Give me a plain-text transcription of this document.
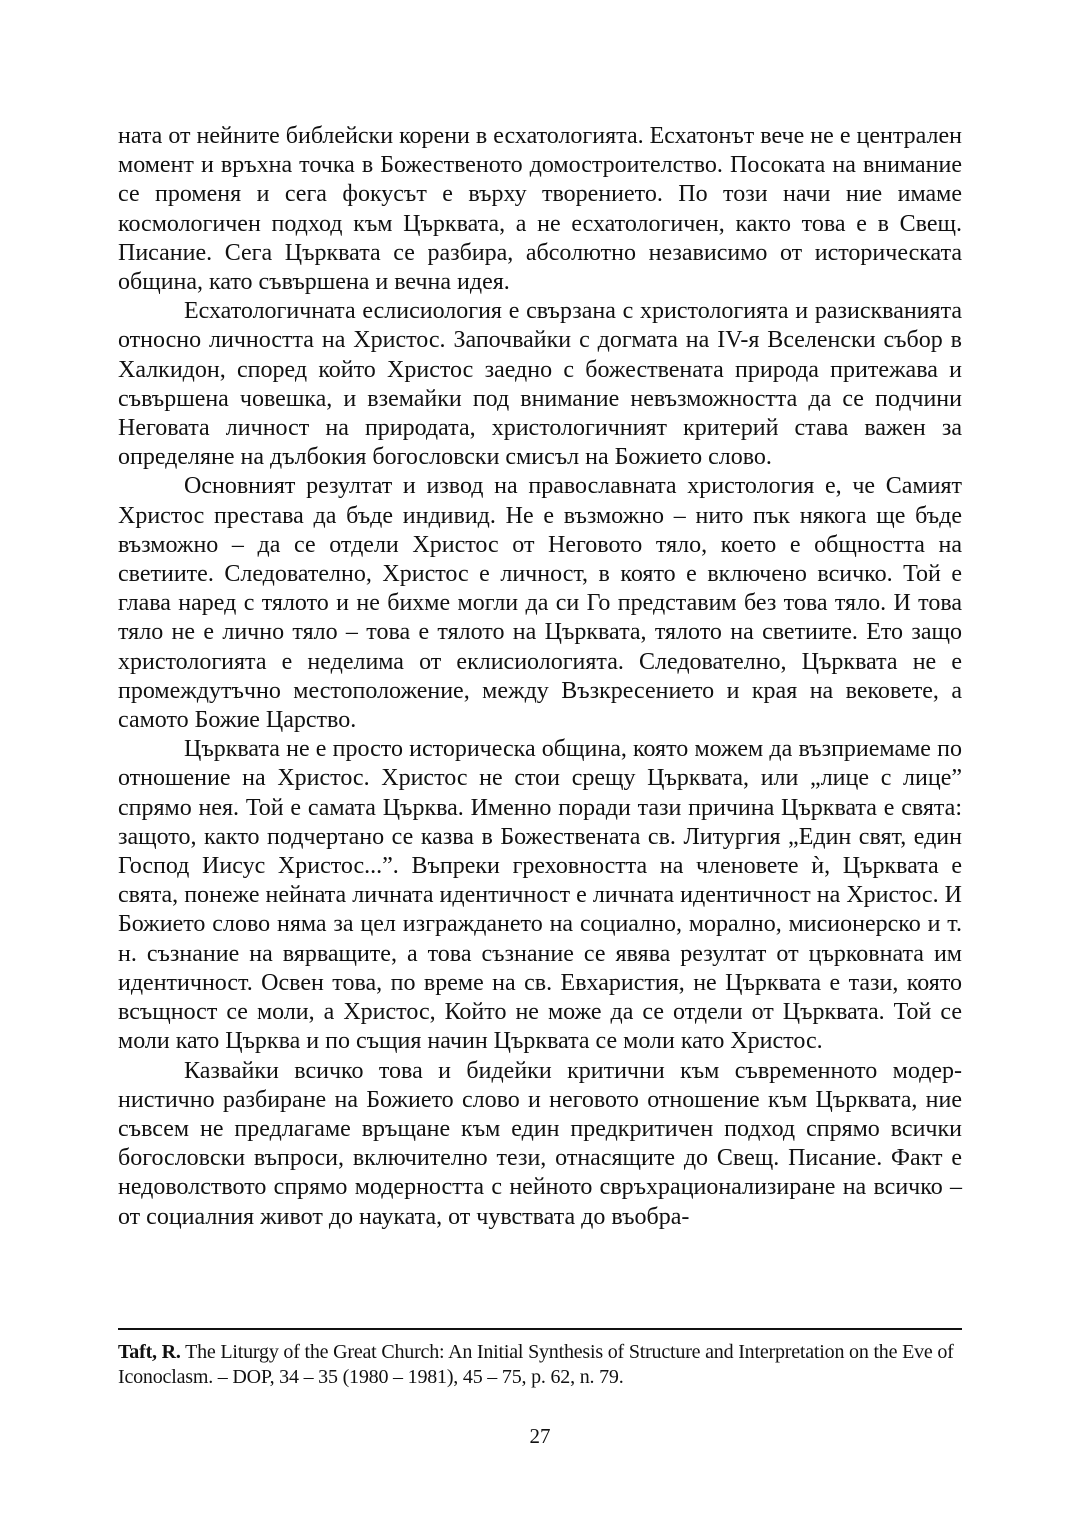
ната от нейните библейски корени в есхатологията. Есхатонът вече не е централен момент и връхна точка в Божественото домостроителство. Посоката на внимание се променя и сега фокусът е върху творението. По този начи ние имаме космологичен подход към Църквата, а не есхатологичен, както това е в Свещ. Писание. Сега Църквата се разбира, абсолютно независимо от историческата община, като съвършена и вечна идея.

Есхатологичната еслисиология е свързана с христологията и разискванията относно личността на Христос. Започвайки с догмата на IV-я Вселенски събор в Халкидон, според който Христос заедно с божествената природа притежава и съвършена човешка, и вземайки под внимание невъзможността да се подчини Неговата личност на природата, христологичният критерий става важен за определяне на дълбокия богословски смисъл на Божието слово.

Основният резултат и извод на православната христология е, че Самият Христос престава да бъде индивид. Не е възможно – нито пък някога ще бъде възможно – да се отдели Христос от Неговото тяло, което е общността на светиите. Следователно, Христос е личност, в която е включено всичко. Той е глава наред с тялото и не бихме могли да си Го представим без това тяло. И това тяло не е лично тяло – това е тялото на Църквата, тялото на светиите. Ето защо христологията е неделима от еклисиологията. Следователно, Църквата не е промеждутъчно местоположение, между Възкресението и края на вековете, а самото Божие Царство.

Църквата не е просто историческа община, която можем да възприемаме по отношение на Христос. Христос не стои срещу Църквата, или „лице с лице” спрямо нея. Той е самата Църква. Именно поради тази причина Църквата е свята: защото, както подчертано се казва в Божествената св. Литургия „Един свят, един Господ Иисус Христос...”. Въпреки греховността на членовете ѝ, Църквата е свята, понеже нейната личната идентичност е личната идентичност на Христос. И Божието слово няма за цел изграждането на социално, морално, мисионерско и т. н. съзнание на вярващите, а това съзнание се явява резултат от църковната им идентичност. Освен това, по време на св. Евхаристия, не Църквата е тази, която всъщност се моли, а Христос, Който не може да се отдели от Църквата. Той се моли като Църква и по същия начин Църквата се моли като Христос.

Казвайки всичко това и бидейки критични към съвременното модернистично разбиране на Божието слово и неговото отношение към Църквата, ние съвсем не предлагаме връщане към един предкритичен подход спрямо всички богословски въпроси, включително тези, отнасящите до Свещ. Писание. Факт е недоволството спрямо модерността с нейното свръхрационализиране на всичко – от социалния живот до науката, от чувствата до въобра-

Taft, R. The Liturgy of the Great Church: An Initial Synthesis of Structure and Interpretation on the Eve of Iconoclasm. – DOP, 34 – 35 (1980 – 1981), 45 – 75, p. 62, n. 79.

27
